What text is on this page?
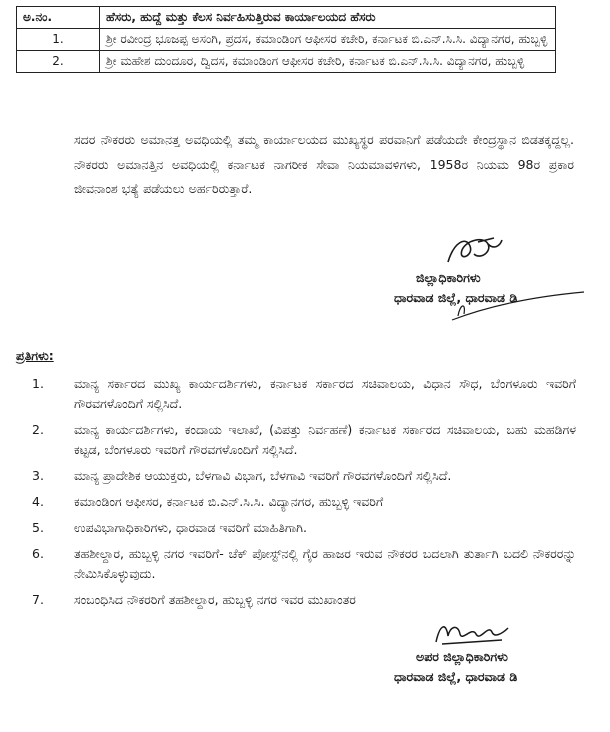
ಅ.ನಂ.	ಹೆಸರು, ಹುದ್ದೆ ಮತ್ತು ಕೆಲಸ ನಿರ್ವಹಿಸುತ್ತಿರುವ ಕಾರ್ಯಾಲಯದ ಹೆಸರು
1.	ಶ್ರೀ ರವೀಂದ್ರ ಭೂಜಪ್ಪ ಅಸಂಗಿ, ಪ್ರದಸ, ಕಮಾಂಡಿಂಗ ಆಫೀಸರ ಕಚೇರಿ, ಕರ್ನಾಟಕ ಬಿ.ಎನ್.ಸಿ.ಸಿ. ವಿದ್ಯಾನಗರ, ಹುಬ್ಬಳ್ಳಿ
2.	ಶ್ರೀ ಮಹೇಶ ದುಂದೂರ, ದ್ವಿದಸ, ಕಮಾಂಡಿಂಗ ಆಫೀಸರ ಕಚೇರಿ, ಕರ್ನಾಟಕ ಬಿ.ಎನ್.ಸಿ.ಸಿ. ವಿದ್ಯಾನಗರ, ಹುಬ್ಬಳ್ಳಿ

ಸದರ ನೌಕರರು ಅಮಾನತ್ತ ಅವಧಿಯಲ್ಲಿ ತಮ್ಮ ಕಾರ್ಯಾಲಯದ ಮುಖ್ಯಸ್ಥರ ಪರವಾನಿಗೆ ಪಡೆಯದೇ ಕೇಂದ್ರಸ್ಥಾನ ಬಿಡತಕ್ಕದ್ದಲ್ಲ. ನೌಕರರು ಅಮಾನತ್ತಿನ ಅವಧಿಯಲ್ಲಿ ಕರ್ನಾಟಕ ನಾಗರೀಕ ಸೇವಾ ನಿಯಮಾವಳಿಗಳು, 1958ರ ನಿಯಮ 98ರ ಪ್ರಕಾರ ಜೀವನಾಂಶ ಭತ್ಯೆ ಪಡೆಯಲು ಅರ್ಹರಿರುತ್ತಾರೆ.

ಜಿಲ್ಲಾಧಿಕಾರಿಗಳು
ಧಾರವಾಡ ಜಿಲ್ಲೆ, ಧಾರವಾಡ ಡಿ

ಪ್ರತಿಗಳು:

1.	ಮಾನ್ಯ ಸರ್ಕಾರದ ಮುಖ್ಯ ಕಾರ್ಯದರ್ಶಿಗಳು, ಕರ್ನಾಟಕ ಸರ್ಕಾರದ ಸಚಿವಾಲಯ, ವಿಧಾನ ಸೌಧ, ಬೆಂಗಳೂರು ಇವರಿಗೆ ಗೌರವಗಳೊಂದಿಗೆ ಸಲ್ಲಿಸಿದೆ.
2.	ಮಾನ್ಯ ಕಾರ್ಯದರ್ಶಿಗಳು, ಕಂದಾಯ ಇಲಾಖೆ, (ವಿಪತ್ತು ನಿರ್ವಹಣೆ) ಕರ್ನಾಟಕ ಸರ್ಕಾರದ ಸಚಿವಾಲಯ, ಬಹು ಮಹಡಿಗಳ ಕಟ್ಟಡ, ಬೆಂಗಳೂರು ಇವರಿಗೆ ಗೌರವಗಳೊಂದಿಗೆ ಸಲ್ಲಿಸಿದೆ.
3.	ಮಾನ್ಯ ಪ್ರಾದೇಶಿಕ ಆಯುಕ್ತರು, ಬೆಳಗಾವಿ ವಿಭಾಗ, ಬೆಳಗಾವಿ ಇವರಿಗೆ ಗೌರವಗಳೊಂದಿಗೆ ಸಲ್ಲಿಸಿದೆ.
4.	ಕಮಾಂಡಿಂಗ ಆಫೀಸರ, ಕರ್ನಾಟಕ ಬಿ.ಎನ್.ಸಿ.ಸಿ. ವಿದ್ಯಾನಗರ, ಹುಬ್ಬಳ್ಳಿ ಇವರಿಗೆ
5.	ಉಪವಿಭಾಗಾಧಿಕಾರಿಗಳು, ಧಾರವಾಡ ಇವರಿಗೆ ಮಾಹಿತಿಗಾಗಿ.
6.	ತಹಶೀಲ್ದಾರ, ಹುಬ್ಬಳ್ಳಿ ನಗರ ಇವರಿಗೆ- ಚೆಕ್ ಪೋಸ್ಟ್‌ನಲ್ಲಿ ಗೈರ ಹಾಜರ ಇರುವ ನೌಕರರ ಬದಲಾಗಿ ತುರ್ತಾಗಿ ಬದಲಿ ನೌಕರರನ್ನು ನೇಮಿಸಿಕೊಳ್ಳುವುದು.
7.	ಸಂಬಂಧಿಸಿದ ನೌಕರರಿಗೆ ತಹಶೀಲ್ದಾರ, ಹುಬ್ಬಳ್ಳಿ ನಗರ ಇವರ ಮುಖಾಂತರ
ಅಪರ ಜಿಲ್ಲಾಧಿಕಾರಿಗಳು
ಧಾರವಾಡ ಜಿಲ್ಲೆ, ಧಾರವಾಡ ಡಿ
